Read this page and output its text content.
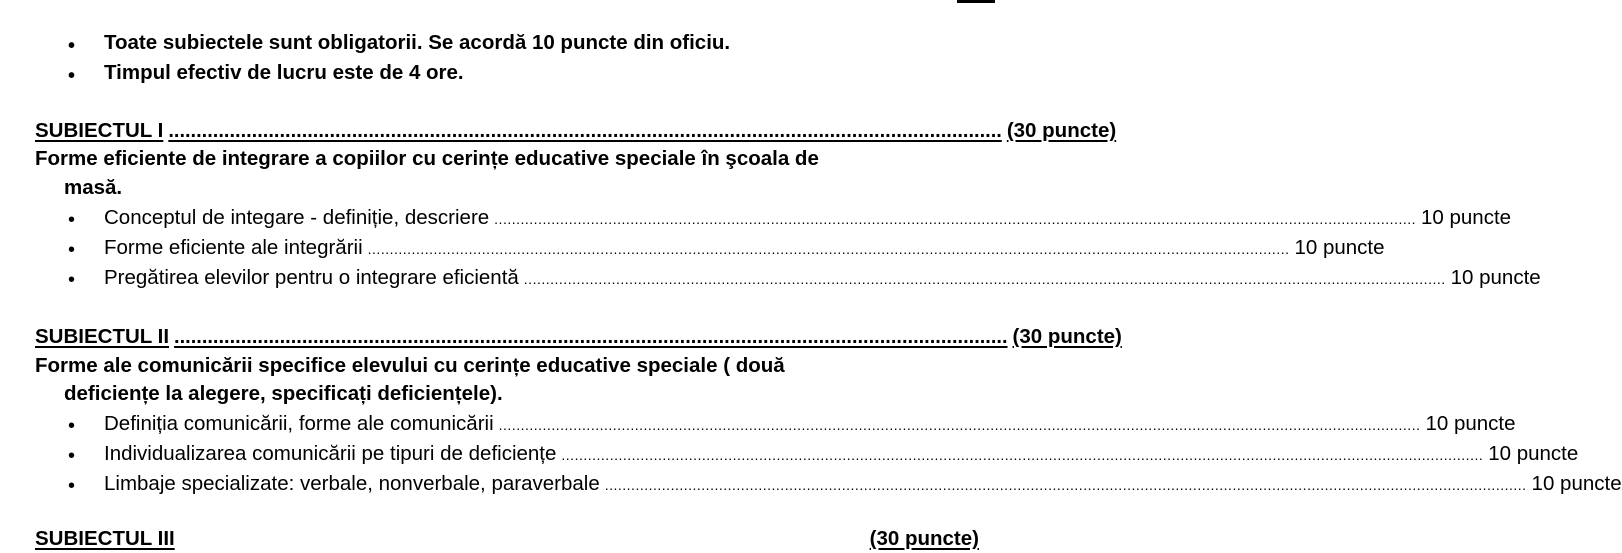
• Toate subiectele sunt obligatorii. Se acordă 10 puncte din oficiu.
• Timpul efectiv de lucru este de 4 ore.
SUBIECTUL I ...................................................................................................................................................... (30 puncte)
Forme eficiente de integrare a copiilor cu cerințe educative speciale în şcoala de
masă.
• Conceptul de integare - definiție, descriere .................................................................................................................................................................................................................. 10 puncte
• Forme eficiente ale integrării .................................................................................................................................................................................................................. 10 puncte
• Pregătirea elevilor pentru o integrare eficientă .................................................................................................................................................................................................................. 10 puncte
SUBIECTUL II ...................................................................................................................................................... (30 puncte)
Forme ale comunicării specifice elevului cu cerințe educative speciale ( două
deficiențe la alegere, specificați deficiențele).
• Definiția comunicării, forme ale comunicării .................................................................................................................................................................................................................. 10 puncte
• Individualizarea comunicării pe tipuri de deficiențe .................................................................................................................................................................................................................. 10 puncte
• Limbaje specializate: verbale, nonverbale, paraverbale .................................................................................................................................................................................................................. 10 puncte
SUBIECTUL III	(30 puncte)
